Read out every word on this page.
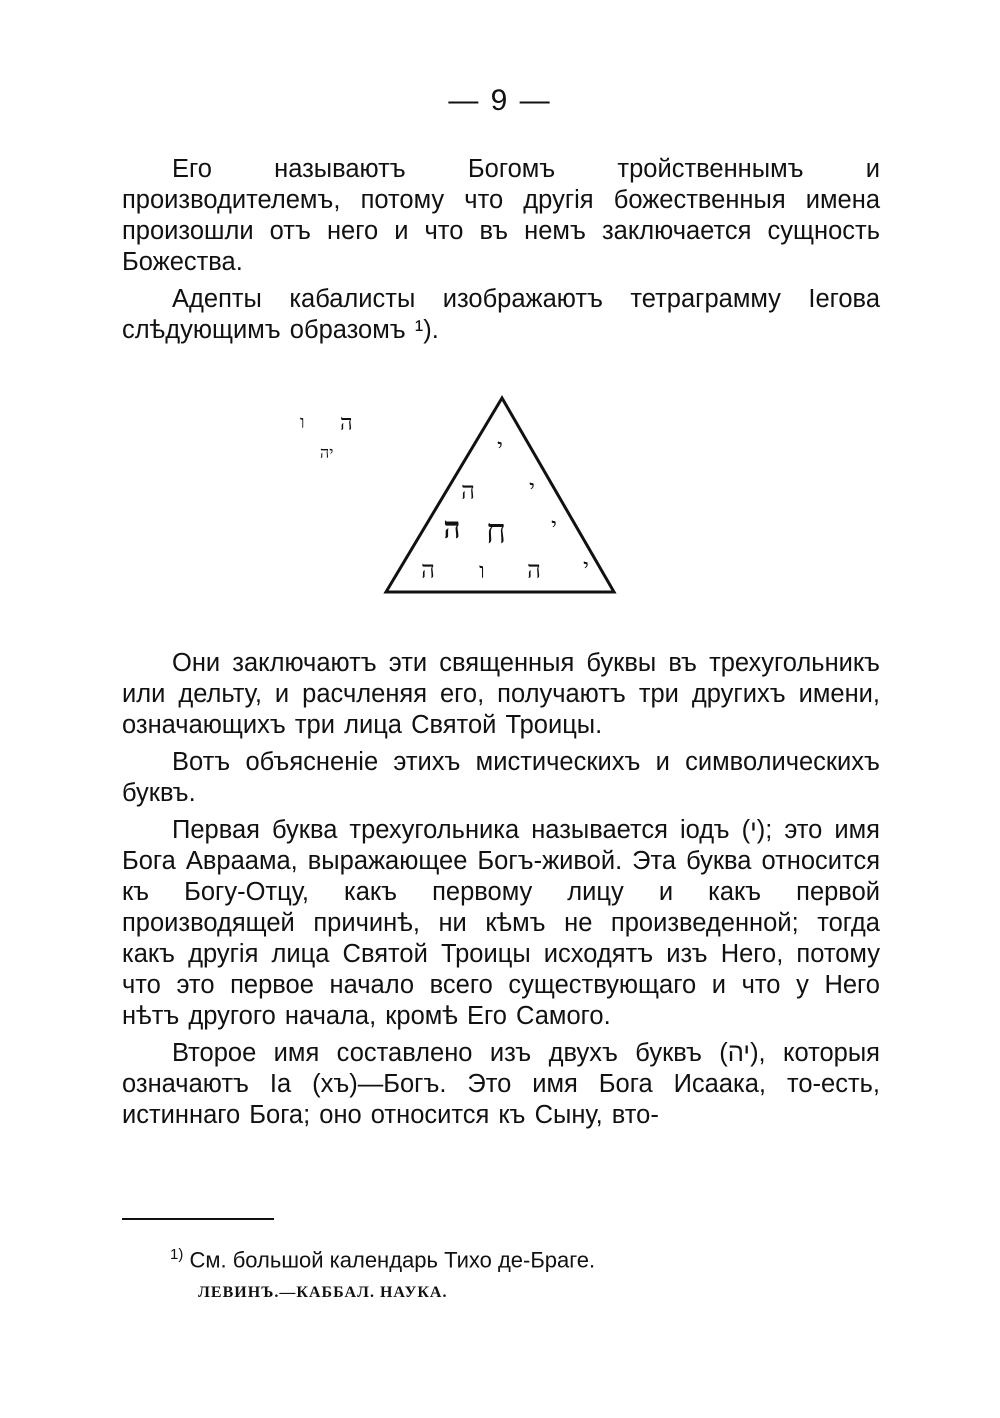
— 9 —

Его называютъ Богомъ тройственнымъ и производителемъ, потому что другія божественныя имена произошли отъ него и что въ немъ заключается сущность Божества.

Адепты кабалисты изображаютъ тетраграмму Іегова слѣдующимъ образомъ ¹).

ו ה
יה	י
ה י
ה ח י
ה ו ה י

Они заключаютъ эти священныя буквы въ трехугольникъ или дельту, и расчленяя его, получаютъ три другихъ имени, означающихъ три лица Святой Троицы.

Вотъ объясненіе этихъ мистическихъ и символическихъ буквъ.

Первая буква трехугольника называется іодъ (י); это имя Бога Авраама, выражающее Богъ-живой. Эта буква относится къ Богу-Отцу, какъ первому лицу и какъ первой производящей причинѣ, ни кѣмъ не произведенной; тогда какъ другія лица Святой Троицы исходятъ изъ Него, потому что это первое начало всего существующаго и что у Него нѣтъ другого начала, кромѣ Его Самого.

Второе имя составлено изъ двухъ буквъ (יה), которыя означаютъ Іа (хъ)—Богъ. Это имя Бога Исаака, то-есть, истиннаго Бога; оно относится къ Сыну, вто-

$^{1)}$ См. большой календарь Тихо де-Браге.
ЛЕВИНЪ.—КАББАЛ. НАУКА.
